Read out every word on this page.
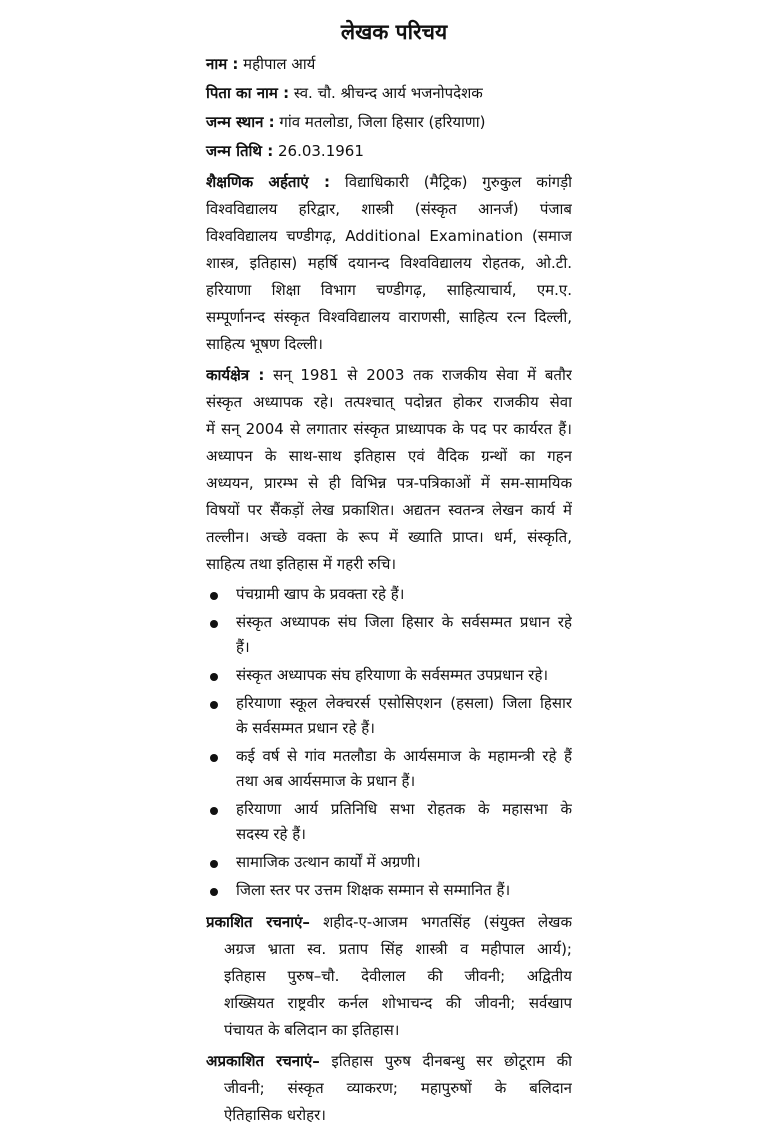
लेखक परिचय
नाम : महीपाल आर्य
पिता का नाम : स्व. चौ. श्रीचन्द आर्य भजनोपदेशक
जन्म स्थान : गांव मतलोडा, जिला हिसार (हरियाणा)
जन्म तिथि : 26.03.1961
शैक्षणिक अर्हताएं : विद्याधिकारी (मैट्रिक) गुरुकुल कांगड़ी
विश्वविद्यालय हरिद्वार, शास्त्री (संस्कृत आनर्ज) पंजाब
विश्वविद्यालय चण्डीगढ़, Additional Examination (समाज
शास्त्र, इतिहास) महर्षि दयानन्द विश्वविद्यालय रोहतक, ओ.टी.
हरियाणा शिक्षा विभाग चण्डीगढ़, साहित्याचार्य, एम.ए.
सम्पूर्णानन्द संस्कृत विश्वविद्यालय वाराणसी, साहित्य रत्न दिल्ली,
साहित्य भूषण दिल्ली।
कार्यक्षेत्र : सन् 1981 से 2003 तक राजकीय सेवा में बतौर
संस्कृत अध्यापक रहे। तत्पश्चात् पदोन्नत होकर राजकीय सेवा
में सन् 2004 से लगातार संस्कृत प्राध्यापक के पद पर कार्यरत हैं।
अध्यापन के साथ-साथ इतिहास एवं वैदिक ग्रन्थों का गहन
अध्ययन, प्रारम्भ से ही विभिन्न पत्र-पत्रिकाओं में सम-सामयिक
विषयों पर सैंकड़ों लेख प्रकाशित। अद्यतन स्वतन्त्र लेखन कार्य में
तल्लीन। अच्छे वक्ता के रूप में ख्याति प्राप्त। धर्म, संस्कृति,
साहित्य तथा इतिहास में गहरी रुचि।
पंचग्रामी खाप के प्रवक्ता रहे हैं।
संस्कृत अध्यापक संघ जिला हिसार के सर्वसम्मत प्रधान रहे
हैं।
संस्कृत अध्यापक संघ हरियाणा के सर्वसम्मत उपप्रधान रहे।
हरियाणा स्कूल लेक्चरर्स एसोसिएशन (हसला) जिला हिसार
के सर्वसम्मत प्रधान रहे हैं।
कई वर्ष से गांव मतलौडा के आर्यसमाज के महामन्त्री रहे हैं
तथा अब आर्यसमाज के प्रधान हैं।
हरियाणा आर्य प्रतिनिधि सभा रोहतक के महासभा के
सदस्य रहे हैं।
सामाजिक उत्थान कार्यों में अग्रणी।
जिला स्तर पर उत्तम शिक्षक सम्मान से सम्मानित हैं।
प्रकाशित रचनाएं– शहीद-ए-आजम भगतसिंह (संयुक्त लेखक
अग्रज भ्राता स्व. प्रताप सिंह शास्त्री व महीपाल आर्य);
इतिहास पुरुष–चौ. देवीलाल की जीवनी; अद्वितीय
शख्सियत राष्ट्रवीर कर्नल शोभाचन्द की जीवनी; सर्वखाप
पंचायत के बलिदान का इतिहास।
अप्रकाशित रचनाएं– इतिहास पुरुष दीनबन्धु सर छोटूराम की
जीवनी; संस्कृत व्याकरण; महापुरुषों के बलिदान
ऐतिहासिक धरोहर।
